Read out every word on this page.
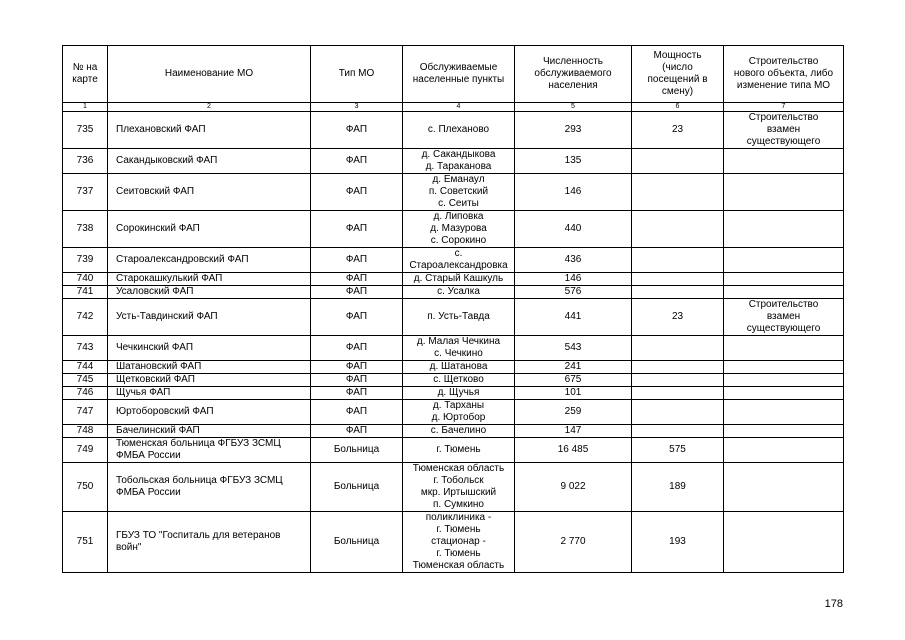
№ на
карте	Наименование МО	Тип МО	Обслуживаемые
населенные пункты	Численность
обслуживаемого
населения	Мощность
(число
посещений в
смену)	Строительство
нового объекта, либо
изменение типа МО

1	2	3	4	5	6	7

735	Плехановский ФАП	ФАП	с. Плеханово	293	23	Строительство
взамен
существующего

736	Сакандыковский ФАП	ФАП	д. Сакандыкова
д. Тараканова	135		

737	Сеитовский ФАП	ФАП	д. Еманаул
п. Советский
с. Сеиты	146		

738	Сорокинский ФАП	ФАП	д. Липовка
д. Мазурова
с. Сорокино	440		

739	Староалександровский ФАП	ФАП	с.
Староалександровка	436		

740	Старокашкулький ФАП	ФАП	д. Старый Кашкуль	146		

741	Усаловский ФАП	ФАП	с. Усалка	576		

742	Усть-Тавдинский ФАП	ФАП	п. Усть-Тавда	441	23	Строительство
взамен
существующего

743	Чечкинский ФАП	ФАП	д. Малая Чечкина
с. Чечкино	543		

744	Шатановский ФАП	ФАП	д. Шатанова	241		

745	Щетковский ФАП	ФАП	с. Щетково	675		

746	Щучья ФАП	ФАП	д. Щучья	101		

747	Юртоборовский ФАП	ФАП	д. Тарханы
д. Юртобор	259		

748	Бачелинский ФАП	ФАП	с. Бачелино	147		

749	Тюменская больница ФГБУЗ ЗСМЦ
ФМБА России	Больница	г. Тюмень	16 485	575	

750	Тобольская больница ФГБУЗ ЗСМЦ
ФМБА России	Больница	Тюменская область
г. Тобольск
мкр. Иртышский
п. Сумкино	9 022	189	

751	ГБУЗ ТО "Госпиталь для ветеранов
войн"	Больница	поликлиника -
г. Тюмень
стационар -
г. Тюмень
Тюменская область	2 770	193	

178
